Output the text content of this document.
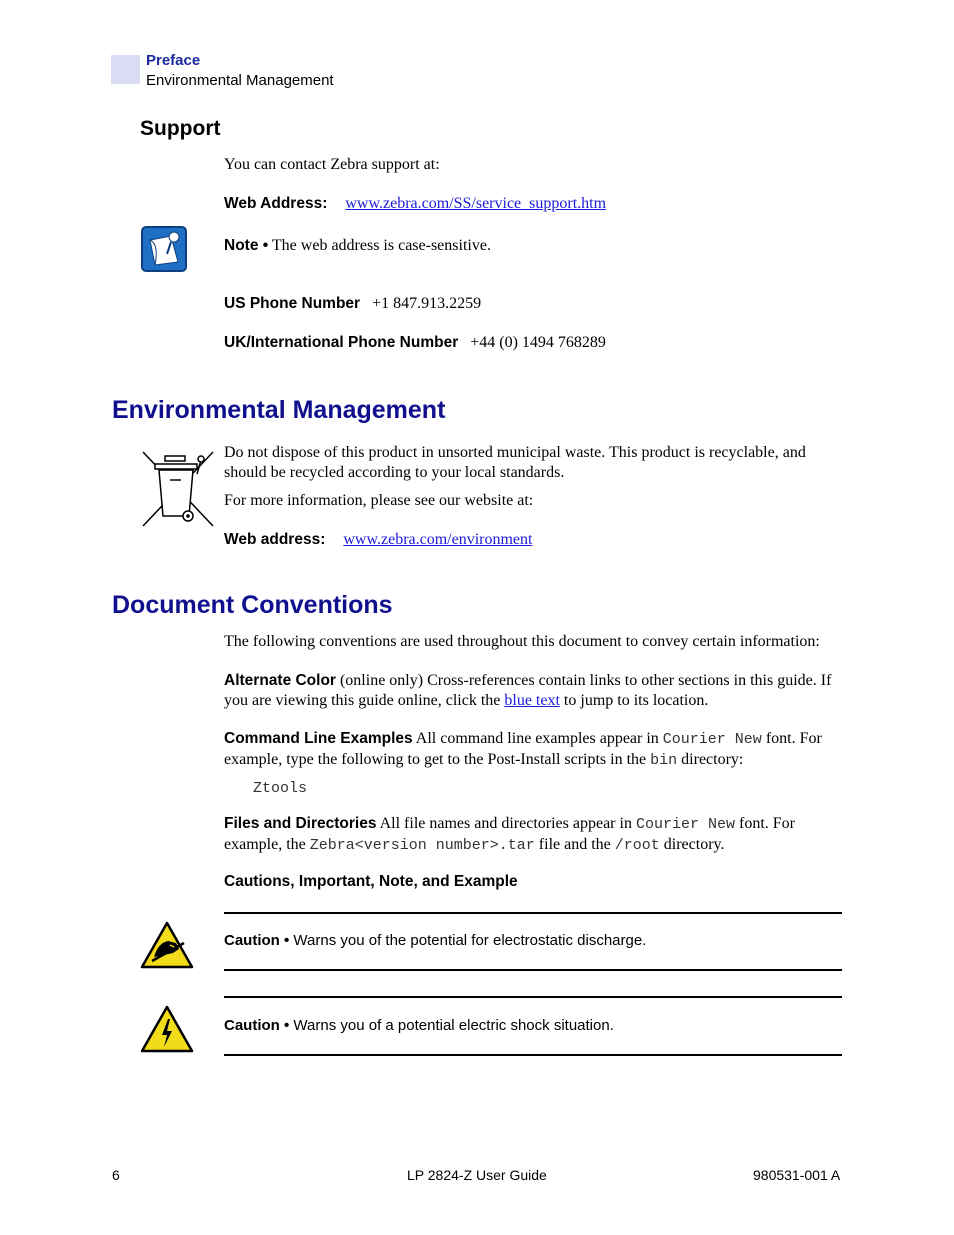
Preface
Environmental Management
Support
You can contact Zebra support at:
Web Address: www.zebra.com/SS/service_support.htm
Note • The web address is case-sensitive.
US Phone Number +1 847.913.2259
UK/International Phone Number +44 (0) 1494 768289
Environmental Management
Do not dispose of this product in unsorted municipal waste. This product is recyclable, and should be recycled according to your local standards.
For more information, please see our website at:
Web address: www.zebra.com/environment
Document Conventions
The following conventions are used throughout this document to convey certain information:
Alternate Color (online only) Cross-references contain links to other sections in this guide. If you are viewing this guide online, click the blue text to jump to its location.
Command Line Examples All command line examples appear in Courier New font. For example, type the following to get to the Post-Install scripts in the bin directory:
Ztools
Files and Directories All file names and directories appear in Courier New font. For example, the Zebra<version number>.tar file and the /root directory.
Cautions, Important, Note, and Example
Caution • Warns you of the potential for electrostatic discharge.
Caution • Warns you of a potential electric shock situation.
6	LP 2824-Z User Guide	980531-001 A
